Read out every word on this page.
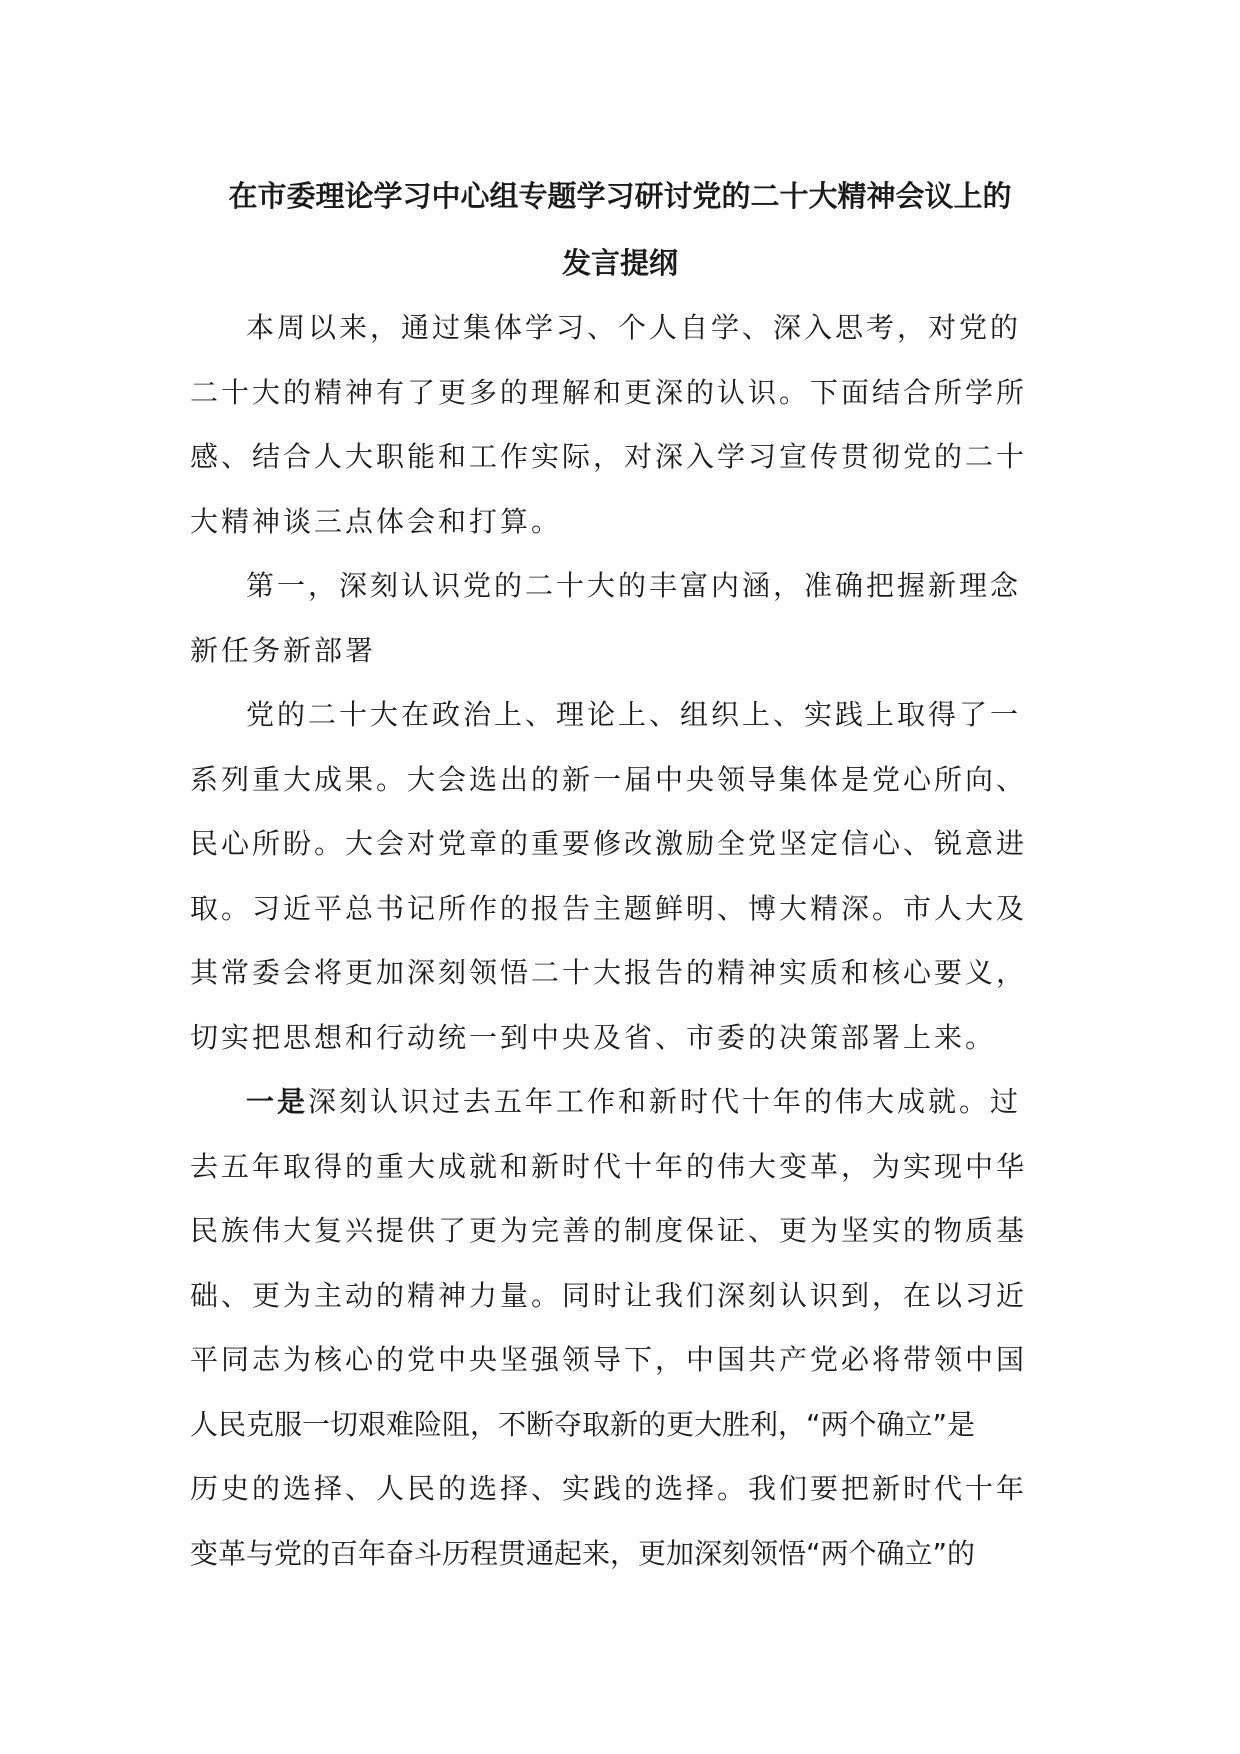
在市委理论学习中心组专题学习研讨党的二十大精神会议上的
发言提纲
本周以来，通过集体学习、个人自学、深入思考，对党的
二十大的精神有了更多的理解和更深的认识。下面结合所学所
感、结合人大职能和工作实际，对深入学习宣传贯彻党的二十
大精神谈三点体会和打算。
第一，深刻认识党的二十大的丰富内涵，准确把握新理念
新任务新部署
党的二十大在政治上、理论上、组织上、实践上取得了一
系列重大成果。大会选出的新一届中央领导集体是党心所向、
民心所盼。大会对党章的重要修改激励全党坚定信心、锐意进
取。习近平总书记所作的报告主题鲜明、博大精深。市人大及
其常委会将更加深刻领悟二十大报告的精神实质和核心要义，
切实把思想和行动统一到中央及省、市委的决策部署上来。
一是深刻认识过去五年工作和新时代十年的伟大成就。过
去五年取得的重大成就和新时代十年的伟大变革，为实现中华
民族伟大复兴提供了更为完善的制度保证、更为坚实的物质基
础、更为主动的精神力量。同时让我们深刻认识到，在以习近
平同志为核心的党中央坚强领导下，中国共产党必将带领中国
人民克服一切艰难险阻，不断夺取新的更大胜利，“两个确立”是
历史的选择、人民的选择、实践的选择。我们要把新时代十年
变革与党的百年奋斗历程贯通起来，更加深刻领悟“两个确立”的
